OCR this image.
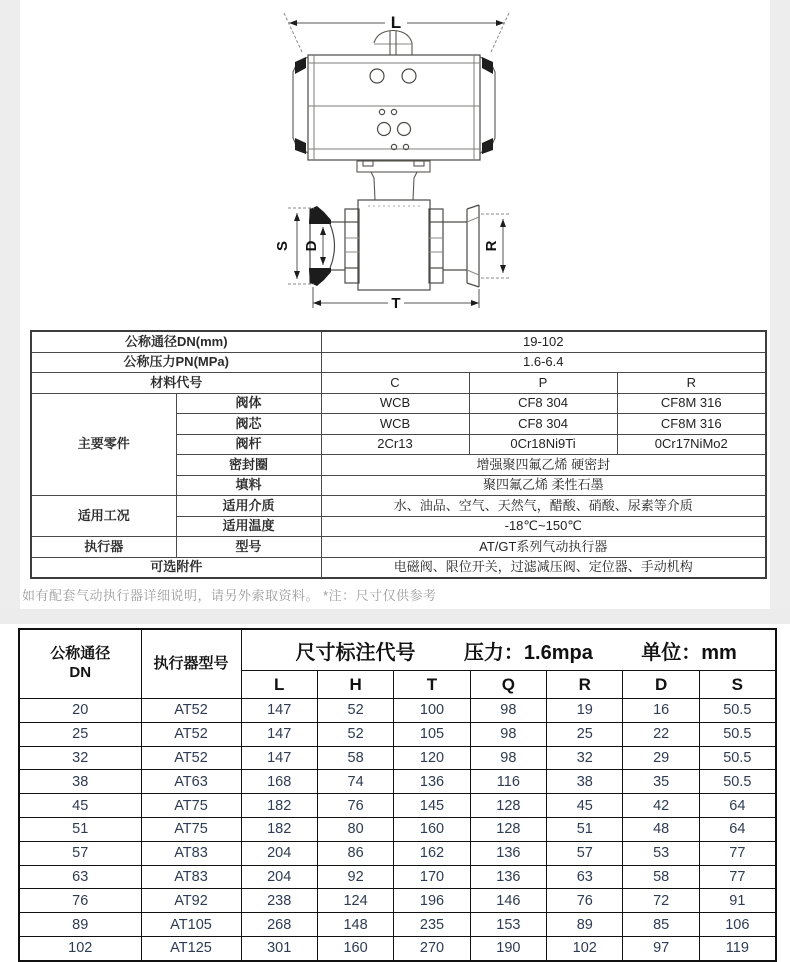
L
S D	R
T
公称通径DN(mm)		19-102		
公称压力PN(MPa)		1.6-6.4		
材料代号		C	P	R
主要零件	阀体	WCB	CF8 304	CF8M 316
	阀芯	WCB	CF8 304	CF8M 316
	阀杆	2Cr13	0Cr18Ni9Ti	0Cr17NiMo2
	密封圈	增强聚四氟乙烯 硬密封		
	填料	聚四氟乙烯 柔性石墨		
适用工况	适用介质	水、油品、空气、天然气，醋酸、硝酸、尿素等介质		
	适用温度	-18℃~150℃		
执行器	型号	AT/GT系列气动执行器		
可选附件		电磁阀、限位开关，过滤减压阀、定位器、手动机构		
如有配套气动执行器详细说明，请另外索取资料。 *注：尺寸仅供参考
公称通径
DN
	执行器型号	尺寸标注代号 压力：1.6mpa 单位：mm

		L	H	T	Q	R	D	S
20	AT52	147	52	100	98	19	16	50.5
25	AT52	147	52	105	98	25	22	50.5
32	AT52	147	58	120	98	32	29	50.5
38	AT63	168	74	136	116	38	35	50.5
45	AT75	182	76	145	128	45	42	64
51	AT75	182	80	160	128	51	48	64
57	AT83	204	86	162	136	57	53	77
63	AT83	204	92	170	136	63	58	77
76	AT92	238	124	196	146	76	72	91
89	AT105	268	148	235	153	89	85	106
102	AT125	301	160	270	190	102	97	119
